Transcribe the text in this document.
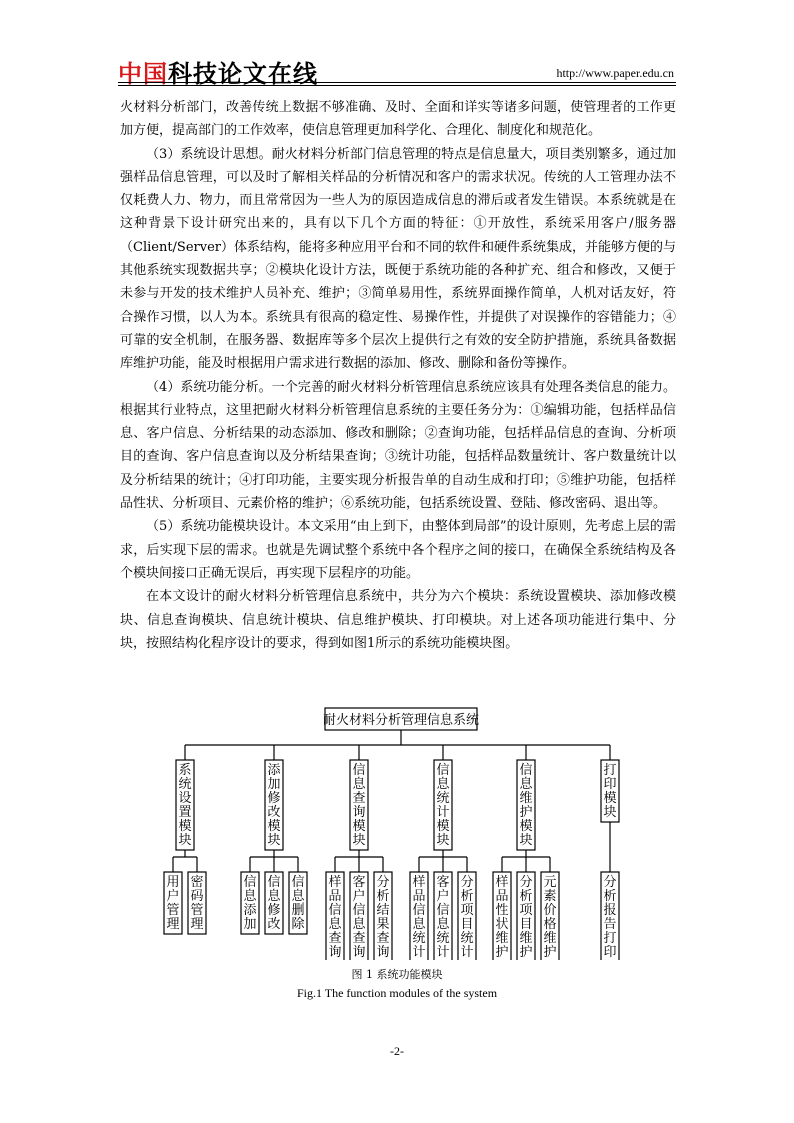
中国科技论文在线	http://www.paper.edu.cn

火材料分析部门，改善传统上数据不够准确、及时、全面和详实等诸多问题，使管理者的工作更加方便，提高部门的工作效率，使信息管理更加科学化、合理化、制度化和规范化。

（3）系统设计思想。耐火材料分析部门信息管理的特点是信息量大，项目类别繁多，通过加强样品信息管理，可以及时了解相关样品的分析情况和客户的需求状况。传统的人工管理办法不仅耗费人力、物力，而且常常因为一些人为的原因造成信息的滞后或者发生错误。本系统就是在这种背景下设计研究出来的，具有以下几个方面的特征：①开放性，系统采用客户/服务器（Client/Server）体系结构，能将多种应用平台和不同的软件和硬件系统集成，并能够方便的与其他系统实现数据共享；②模块化设计方法，既便于系统功能的各种扩充、组合和修改，又便于未参与开发的技术维护人员补充、维护；③简单易用性，系统界面操作简单，人机对话友好，符合操作习惯，以人为本。系统具有很高的稳定性、易操作性，并提供了对误操作的容错能力；④可靠的安全机制，在服务器、数据库等多个层次上提供行之有效的安全防护措施，系统具备数据库维护功能，能及时根据用户需求进行数据的添加、修改、删除和备份等操作。

（4）系统功能分析。一个完善的耐火材料分析管理信息系统应该具有处理各类信息的能力。根据其行业特点，这里把耐火材料分析管理信息系统的主要任务分为：①编辑功能，包括样品信息、客户信息、分析结果的动态添加、修改和删除；②查询功能，包括样品信息的查询、分析项目的查询、客户信息查询以及分析结果查询；③统计功能，包括样品数量统计、客户数量统计以及分析结果的统计；④打印功能，主要实现分析报告单的自动生成和打印；⑤维护功能，包括样品性状、分析项目、元素价格的维护；⑥系统功能，包括系统设置、登陆、修改密码、退出等。

（5）系统功能模块设计。本文采用“由上到下，由整体到局部”的设计原则，先考虑上层的需求，后实现下层的需求。也就是先调试整个系统中各个程序之间的接口，在确保全系统结构及各个模块间接口正确无误后，再实现下层程序的功能。

在本文设计的耐火材料分析管理信息系统中，共分为六个模块：系统设置模块、添加修改模块、信息查询模块、信息统计模块、信息维护模块、打印模块。对上述各项功能进行集中、分块，按照结构化程序设计的要求，得到如图1所示的系统功能模块图。

耐火材料分析管理信息系统
系统设置模块
用户管理
密码管理
添加修改模块
信息添加
信息修改
信息删除
信息查询模块
样品信息查询
客户信息查询
分析结果查询
信息统计模块
样品信息统计
客户信息统计
分析项目统计
信息维护模块
样品性状维护
分析项目维护
元素价格维护
打印模块
分析报告打印
图 1 系统功能模块
Fig.1 The function modules of the system
-2-
